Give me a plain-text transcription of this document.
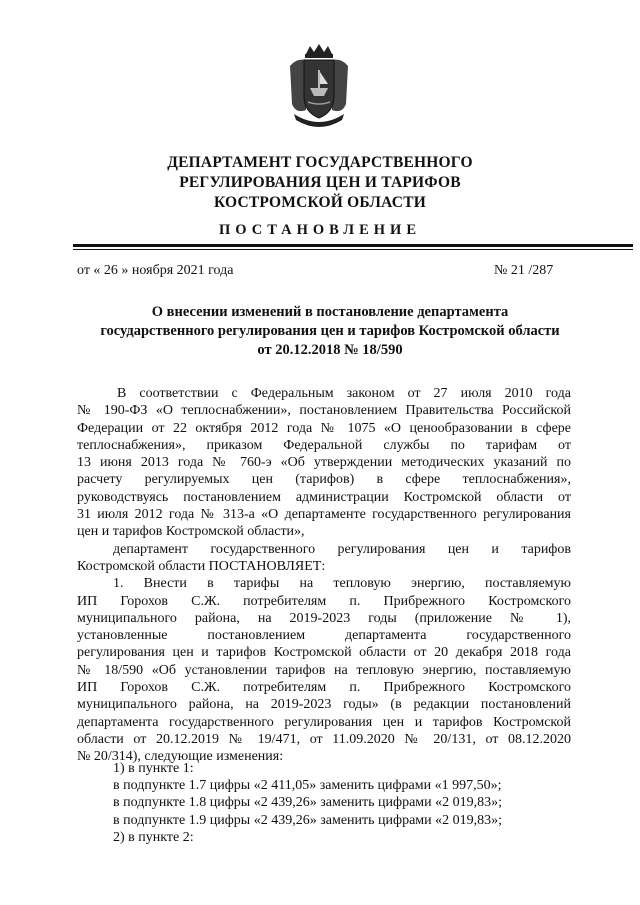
ДЕПАРТАМЕНТ ГОСУДАРСТВЕННОГО
РЕГУЛИРОВАНИЯ ЦЕН И ТАРИФОВ
КОСТРОМСКОЙ ОБЛАСТИ
ПОСТАНОВЛЕНИЕ
от « 26 » ноября 2021 года	№ 21 /287
О внесении изменений в постановление департамента
государственного регулирования цен и тарифов Костромской области
от 20.12.2018 № 18/590
В соответствии с Федеральным законом от 27 июля 2010 года
№ 190-ФЗ «О теплоснабжении», постановлением Правительства Российской
Федерации от 22 октября 2012 года № 1075 «О ценообразовании в сфере
теплоснабжения», приказом Федеральной службы по тарифам от
13 июня 2013 года № 760-э «Об утверждении методических указаний по
расчету регулируемых цен (тарифов) в сфере теплоснабжения»,
руководствуясь постановлением администрации Костромской области от
31 июля 2012 года № 313-а «О департаменте государственного регулирования
цен и тарифов Костромской области»,
департамент государственного регулирования цен и тарифов
Костромской области ПОСТАНОВЛЯЕТ:
1. Внести в тарифы на тепловую энергию, поставляемую
ИП Горохов С.Ж. потребителям п. Прибрежного Костромского
муниципального района, на 2019-2023 годы (приложение № 1),
установленные постановлением департамента государственного
регулирования цен и тарифов Костромской области от 20 декабря 2018 года
№ 18/590 «Об установлении тарифов на тепловую энергию, поставляемую
ИП Горохов С.Ж. потребителям п. Прибрежного Костромского
муниципального района, на 2019-2023 годы» (в редакции постановлений
департамента государственного регулирования цен и тарифов Костромской
области от 20.12.2019 № 19/471, от 11.09.2020 № 20/131, от 08.12.2020
№ 20/314), следующие изменения:
1) в пункте 1:
в подпункте 1.7 цифры «2 411,05» заменить цифрами «1 997,50»;
в подпункте 1.8 цифры «2 439,26» заменить цифрами «2 019,83»;
в подпункте 1.9 цифры «2 439,26» заменить цифрами «2 019,83»;
2) в пункте 2:
